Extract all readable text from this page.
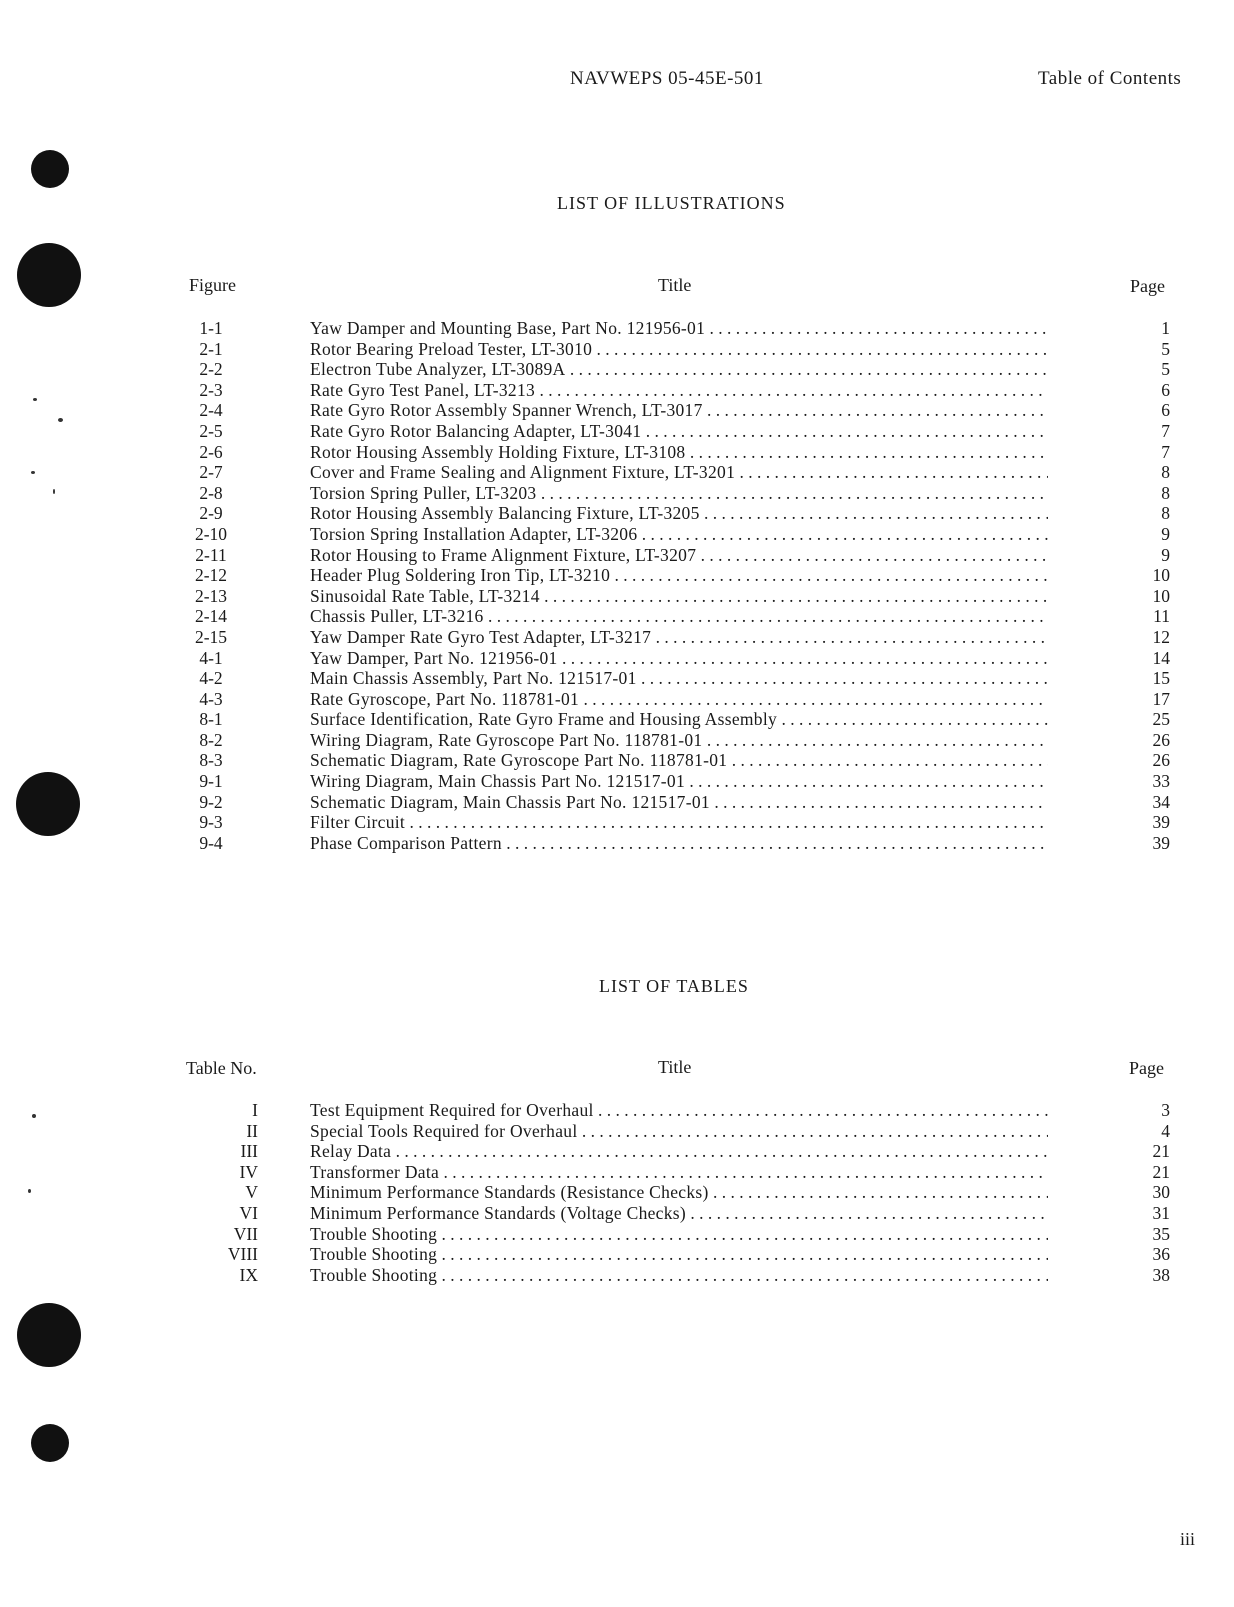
NAVWEPS 05-45E-501	Table of Contents
LIST OF ILLUSTRATIONS
Figure	Title	Page
1-1	Yaw Damper and Mounting Base, Part No. 121956-01 . . .	1
2-1	Rotor Bearing Preload Tester, LT-3010 . . .	5
2-2	Electron Tube Analyzer, LT-3089A . . .	5
2-3	Rate Gyro Test Panel, LT-3213 . . .	6
2-4	Rate Gyro Rotor Assembly Spanner Wrench, LT-3017 . . .	6
2-5	Rate Gyro Rotor Balancing Adapter, LT-3041 . . .	7
2-6	Rotor Housing Assembly Holding Fixture, LT-3108 . . .	7
2-7	Cover and Frame Sealing and Alignment Fixture, LT-3201 . . .	8
2-8	Torsion Spring Puller, LT-3203 . . .	8
2-9	Rotor Housing Assembly Balancing Fixture, LT-3205 . . .	8
2-10	Torsion Spring Installation Adapter, LT-3206 . . .	9
2-11	Rotor Housing to Frame Alignment Fixture, LT-3207 . . .	9
2-12	Header Plug Soldering Iron Tip, LT-3210 . . .	10
2-13	Sinusoidal Rate Table, LT-3214 . . .	10
2-14	Chassis Puller, LT-3216 . . .	11
2-15	Yaw Damper Rate Gyro Test Adapter, LT-3217 . . .	12
4-1	Yaw Damper, Part No. 121956-01 . . .	14
4-2	Main Chassis Assembly, Part No. 121517-01 . . .	15
4-3	Rate Gyroscope, Part No. 118781-01 . . .	17
8-1	Surface Identification, Rate Gyro Frame and Housing Assembly . . .	25
8-2	Wiring Diagram, Rate Gyroscope Part No. 118781-01 . . .	26
8-3	Schematic Diagram, Rate Gyroscope Part No. 118781-01 . . .	26
9-1	Wiring Diagram, Main Chassis Part No. 121517-01 . . .	33
9-2	Schematic Diagram, Main Chassis Part No. 121517-01 . . .	34
9-3	Filter Circuit . . .	39
9-4	Phase Comparison Pattern . . .	39
LIST OF TABLES
Table No.	Title	Page
I	Test Equipment Required for Overhaul . . .	3
II	Special Tools Required for Overhaul . . .	4
III	Relay Data . . .	21
IV	Transformer Data . . .	21
V	Minimum Performance Standards (Resistance Checks) . . .	30
VI	Minimum Performance Standards (Voltage Checks) . . .	31
VII	Trouble Shooting . . .	35
VIII	Trouble Shooting . . .	36
IX	Trouble Shooting . . .	38
iii
